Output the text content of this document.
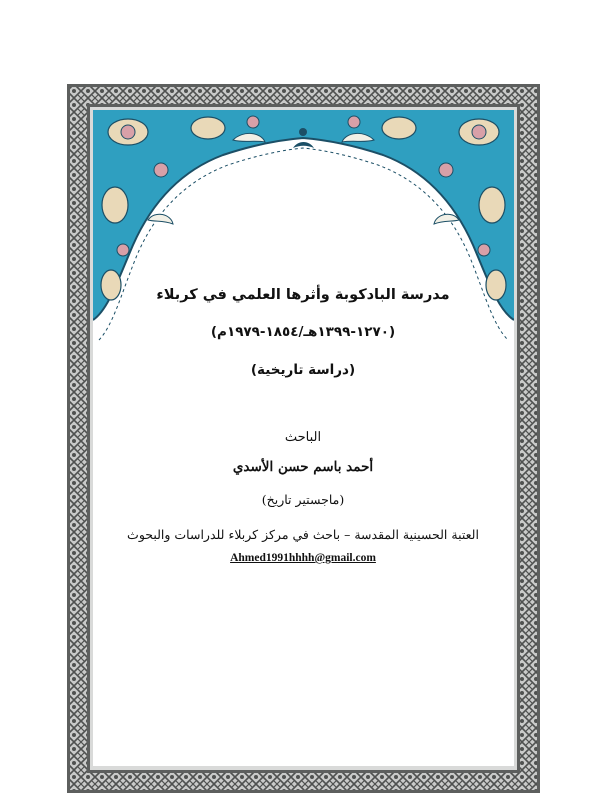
مدرسة البادكوبة وأثرها العلمي في كربلاء
(١٢٧٠-١٣٩٩هـ/١٨٥٤-١٩٧٩م)
(دراسة تاريخية)
الباحث
أحمد باسم حسن الأسدي
(ماجستير تاريخ)
العتبة الحسينية المقدسة – باحث في مركز كربلاء للدراسات والبحوث
Ahmed1991hhhh@gmail.com
